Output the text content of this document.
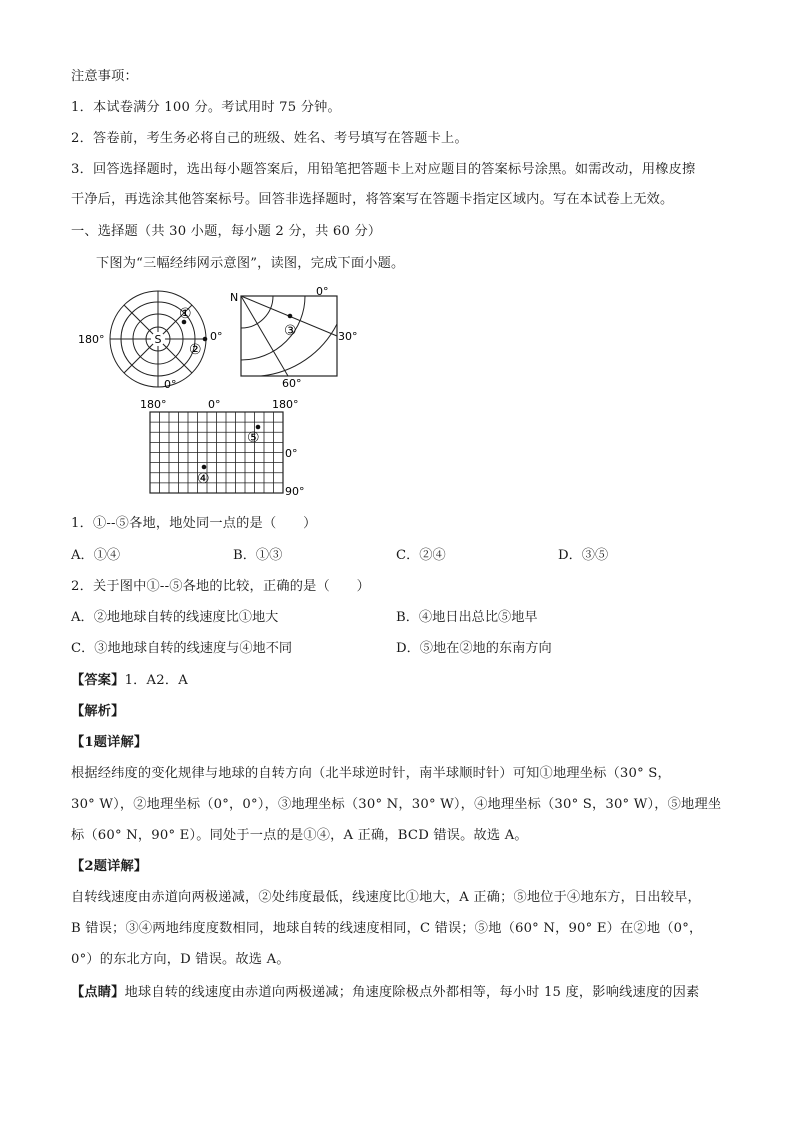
注意事项：
1．本试卷满分 100 分。考试用时 75 分钟。
2．答卷前，考生务必将自己的班级、姓名、考号填写在答题卡上。
3．回答选择题时，选出每小题答案后，用铅笔把答题卡上对应题目的答案标号涂黑。如需改动，用橡皮擦
干净后，再选涂其他答案标号。回答非选择题时，将答案写在答题卡指定区域内。写在本试卷上无效。
一、选择题（共 30 小题，每小题 2 分，共 60 分）
下图为“三幅经纬网示意图”，读图，完成下面小题。
S
180°	0°
0°
①
②
N	0°
30°
60°
③
180°	0°	180°
0°
90°
④
⑤
1．①--⑤各地，地处同一点的是（　　）
A．①④	B．①③	C．②④	D．③⑤
2．关于图中①--⑤各地的比较，正确的是（　　）
A．②地地球自转的线速度比①地大	B．④地日出总比⑤地早
C．③地地球自转的线速度与④地不同	D．⑤地在②地的东南方向
【答案】1．A2．A
【解析】
【1题详解】
根据经纬度的变化规律与地球的自转方向（北半球逆时针，南半球顺时针）可知①地理坐标（30° S，
30° W），②地理坐标（0°，0°），③地理坐标（30° N，30° W），④地理坐标（30° S，30° W），⑤地理坐
标（60° N，90° E）。同处于一点的是①④，A 正确，BCD 错误。故选 A。
【2题详解】
自转线速度由赤道向两极递减，②处纬度最低，线速度比①地大，A 正确；⑤地位于④地东方，日出较早，
B 错误；③④两地纬度度数相同，地球自转的线速度相同，C 错误；⑤地（60° N，90° E）在②地（0°，
0°）的东北方向，D 错误。故选 A。
【点睛】地球自转的线速度由赤道向两极递减；角速度除极点外都相等，每小时 15 度，影响线速度的因素
